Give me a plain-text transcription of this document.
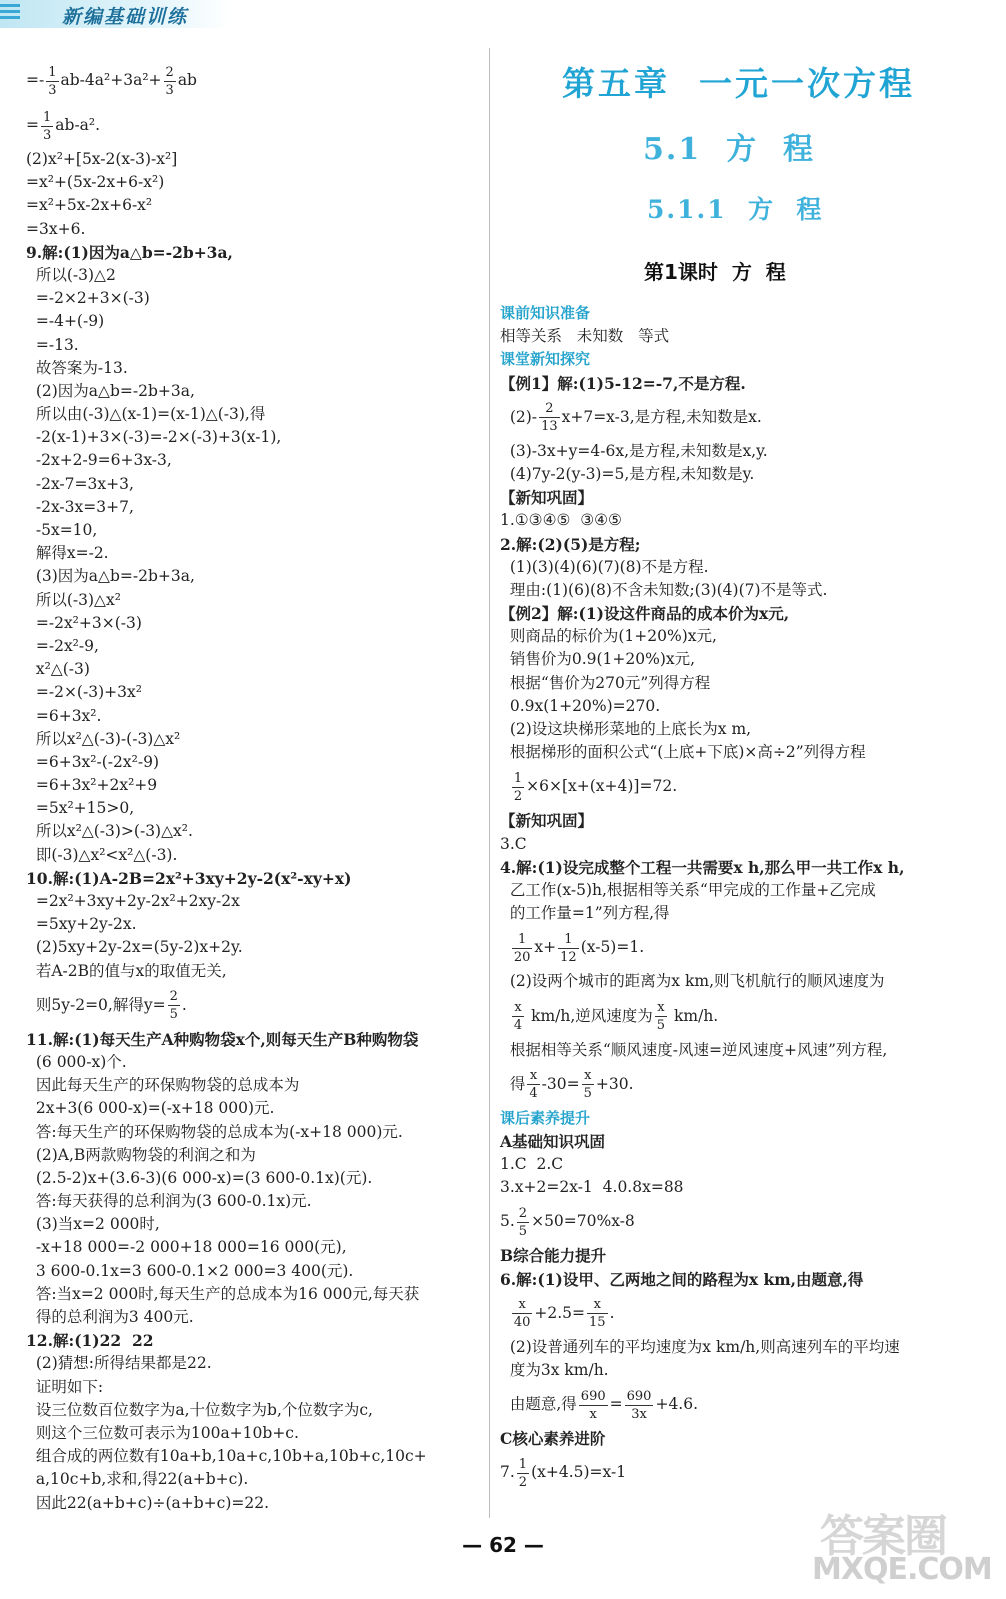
新编基础训练
=- $\frac{1}{3} ab-4a^2+3a^2+ \frac{2}{3}$ ab
= $\frac{1}{3} ab-a^2$.
(2)x²+[5x-2(x-3)-x²]
=x²+(5x-2x+6-x²)
=x²+5x-2x+6-x²
=3x+6.
9.解:(1)因为a△b=-2b+3a,
所以(-3)△2
=-2×2+3×(-3)
=-4+(-9)
=-13.
故答案为-13.
(2)因为a△b=-2b+3a,
所以由(-3)△(x-1)=(x-1)△(-3),得
-2(x-1)+3×(-3)=-2×(-3)+3(x-1),
-2x+2-9=6+3x-3,
-2x-7=3x+3,
-2x-3x=3+7,
-5x=10,
解得x=-2.
(3)因为a△b=-2b+3a,
所以(-3)△x²
=-2x²+3×(-3)
=-2x²-9,
x²△(-3)
=-2×(-3)+3x²
=6+3x².
所以x²△(-3)-(-3)△x²
=6+3x²-(-2x²-9)
=6+3x²+2x²+9
=5x²+15>0,
所以x²△(-3)>(-3)△x².
即(-3)△x²<x²△(-3).
10.解:(1)A-2B=2x²+3xy+2y-2(x²-xy+x)
=2x²+3xy+2y-2x²+2xy-2x
=5xy+2y-2x.
(2)5xy+2y-2x=(5y-2)x+2y.
若A-2B的值与x的取值无关,
则5y-2=0,解得$y= \frac{2}{5}$ .
11.解:(1)每天生产A种购物袋x个,则每天生产B种购物袋
(6 000-x)个.
因此每天生产的环保购物袋的总成本为
2x+3(6 000-x)=(-x+18 000)元.
答:每天生产的环保购物袋的总成本为(-x+18 000)元.
(2)A,B两款购物袋的利润之和为
(2.5-2)x+(3.6-3)(6 000-x)=(3 600-0.1x)(元).
答:每天获得的总利润为(3 600-0.1x)元.
(3)当x=2 000时,
-x+18 000=-2 000+18 000=16 000(元),
3 600-0.1x=3 600-0.1×2 000=3 400(元).
答:当x=2 000时,每天生产的总成本为16 000元,每天获
得的总利润为3 400元.
12.解:(1)22  22
(2)猜想:所得结果都是22.
证明如下:
设三位数百位数字为a,十位数字为b,个位数字为c,
则这个三位数可表示为100a+10b+c.
组合成的两位数有10a+b,10a+c,10b+a,10b+c,10c+
a,10c+b,求和,得22(a+b+c).
因此22(a+b+c)÷(a+b+c)=22.
第五章  一元一次方程
5.1  方  程
5.1.1  方  程
第1课时  方  程
课前知识准备
相等关系   未知数   等式
课堂新知探究
【例1】解:(1)5-12=-7,不是方程.
$(2)- \frac{2}{13} x+7=x-3$,是方程,未知数是x.
(3)-3x+y=4-6x,是方程,未知数是x,y.
(4)7y-2(y-3)=5,是方程,未知数是y.
【新知巩固】
1.①③④⑤  ③④⑤
2.解:(2)(5)是方程;
(1)(3)(4)(6)(7)(8)不是方程.
理由:(1)(6)(8)不含未知数;(3)(4)(7)不是等式.
【例2】解:(1)设这件商品的成本价为x元,
则商品的标价为(1+20%)x元,
销售价为0.9(1+20%)x元,
根据“售价为270元”列得方程
0.9x(1+20%)=270.
(2)设这块梯形菜地的上底长为x m,
根据梯形的面积公式“(上底+下底)×高÷2”列得方程

$\frac{1}{2} \times 6\times[x+(x+4)]=72$.
【新知巩固】
3.C
4.解:(1)设完成整个工程一共需要x h,那么甲一共工作x h,
乙工作(x-5)h,根据相等关系“甲完成的工作量+乙完成
的工作量=1”列方程,得

$\frac{1}{20} x+ \frac{1}{12} (x-5)=1$.
(2)设两个城市的距离为x km,则飞机航行的顺风速度为

$\frac{x}{4} km/h$,逆风速度为 $\frac{x}{5} km/h$.
根据相等关系“顺风速度-风速=逆风速度+风速”列方程,
得 $\frac{x}{4} -30= \frac{x}{5} +30$.
课后素养提升
A基础知识巩固
1.C  2.C
3.x+2=2x-1  4.0.8x=88
5. $\frac{2}{5} \times 50=70\%x-8$
B综合能力提升
6.解:(1)设甲、乙两地之间的路程为x km,由题意,得

$\frac{x}{40} +2.5= \frac{x}{15}$ .
(2)设普通列车的平均速度为x km/h,则高速列车的平均速
度为3x km/h.
由题意,得 $\frac{690}{x} = \frac{690}{3x} +4.6$.
C核心素养进阶
7. $\frac{1}{2} (x+4.5)=x-1$
— 62 —	答案圈
MXQE.COM
